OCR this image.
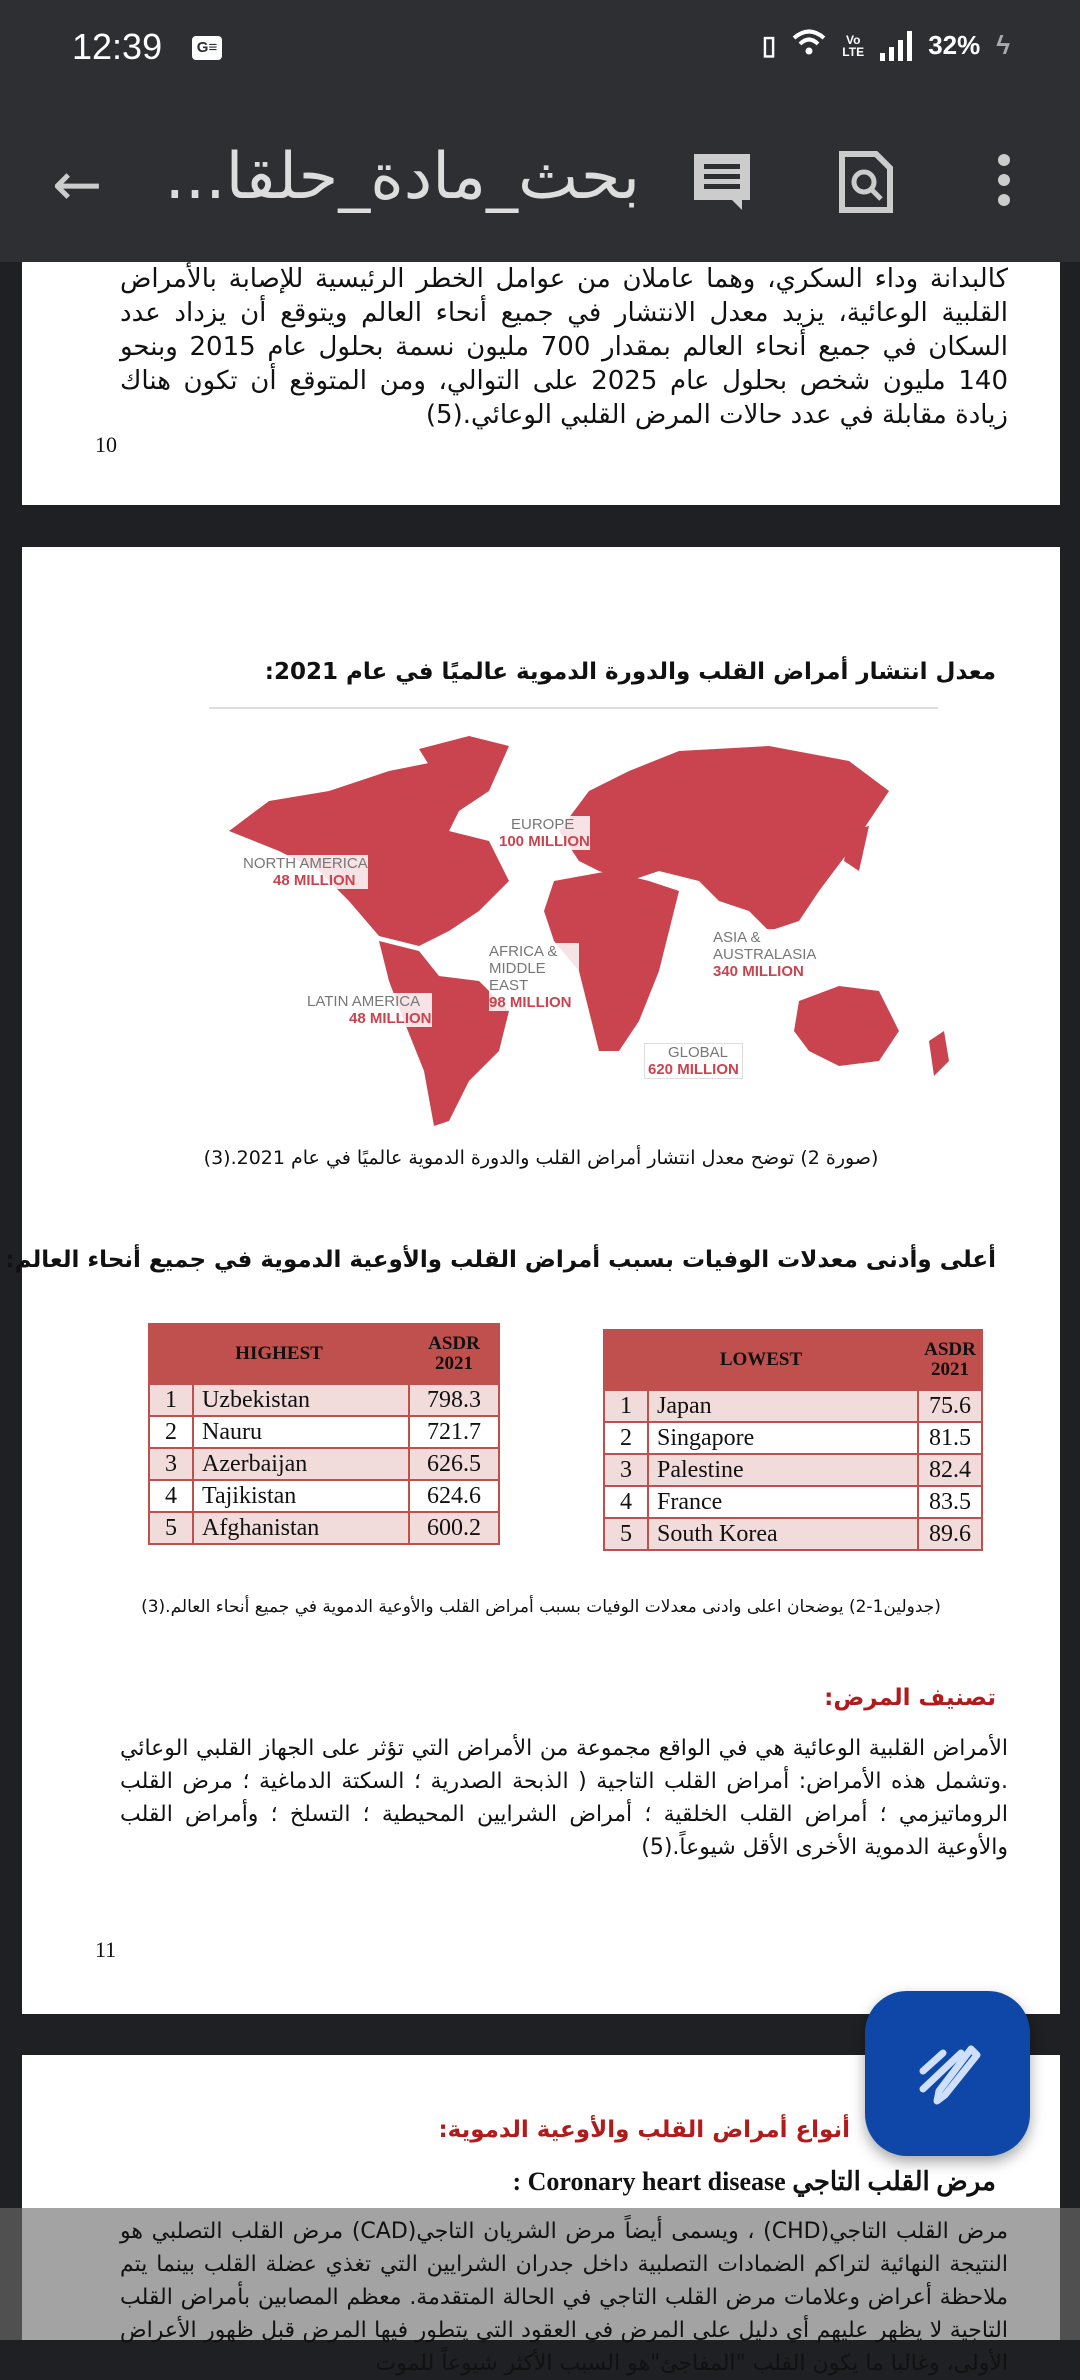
12:39	G≡	▯	Vo LTE 32% ϟ
← بحث_مادة_حلقا...

كالبدانة وداء السكري، وهما عاملان من عوامل الخطر الرئيسية للإصابة بالأمراض القلبية الوعائية، يزيد معدل الانتشار في جميع أنحاء العالم ويتوقع أن يزداد عدد السكان في جميع أنحاء العالم بمقدار 700 مليون نسمة بحلول عام 2015 وبنحو 140 مليون شخص بحلول عام 2025 على التوالي، ومن المتوقع أن تكون هناك زيادة مقابلة في عدد حالات المرض القلبي الوعائي.(5)

10
معدل انتشار أمراض القلب والدورة الدموية عالميًا في عام 2021:
NORTH AMERICA
48 MILLION
EUROPE
100 MILLION
AFRICA & MIDDLE EAST
98 MILLION
ASIA & AUSTRALASIA
340 MILLION
LATIN AMERICA
48 MILLION
GLOBAL
620 MILLION
(صورة 2) توضح معدل انتشار أمراض القلب والدورة الدموية عالميًا في عام 2021.(3)
أعلى وأدنى معدلات الوفيات بسبب أمراض القلب والأوعية الدموية في جميع أنحاء العالم:
HIGHEST		ASDR 2021
1	Uzbekistan	798.3
2	Nauru	721.7
3	Azerbaijan	626.5
4	Tajikistan	624.6
5	Afghanistan	600.2
LOWEST		ASDR 2021
1	Japan	75.6
2	Singapore	81.5
3	Palestine	82.4
4	France	83.5
5	South Korea	89.6
(جدولين1-2) يوضحان اعلى وادنى معدلات الوفيات بسبب أمراض القلب والأوعية الدموية في جميع أنحاء العالم.(3)
تصنيف المرض:

الأمراض القلبية الوعائية هي في الواقع مجموعة من الأمراض التي تؤثر على الجهاز القلبي الوعائي .وتشمل هذه الأمراض: أمراض القلب التاجية ( الذبحة الصدرية ؛ السكتة الدماغية ؛ مرض القلب الروماتيزمي ؛ أمراض القلب الخلقية ؛ أمراض الشرايين المحيطية ؛ التسلخ ؛ وأمراض القلب والأوعية الدموية الأخرى الأقل شيوعاً.(5)

11
أنواع أمراض القلب والأوعية الدموية:
مرض القلب التاجي Coronary heart disease :

مرض القلب التاجي(CHD) ، ويسمى أيضاً مرض الشريان التاجي(CAD) مرض القلب التصلبي هو النتيجة النهائية لتراكم الضمادات التصلبية داخل جدران الشرايين التي تغذي عضلة القلب بينما يتم ملاحظة أعراض وعلامات مرض القلب التاجي في الحالة المتقدمة. معظم المصابين بأمراض القلب التاجية لا يظهر عليهم أي دليل على المرض في العقود التي يتطور فيها المرض قبل ظهور الأعراض الأولى، وغالبا ما يكون القلب "المفاجئ"هو السبب الأكثر شيوعاً للموت
